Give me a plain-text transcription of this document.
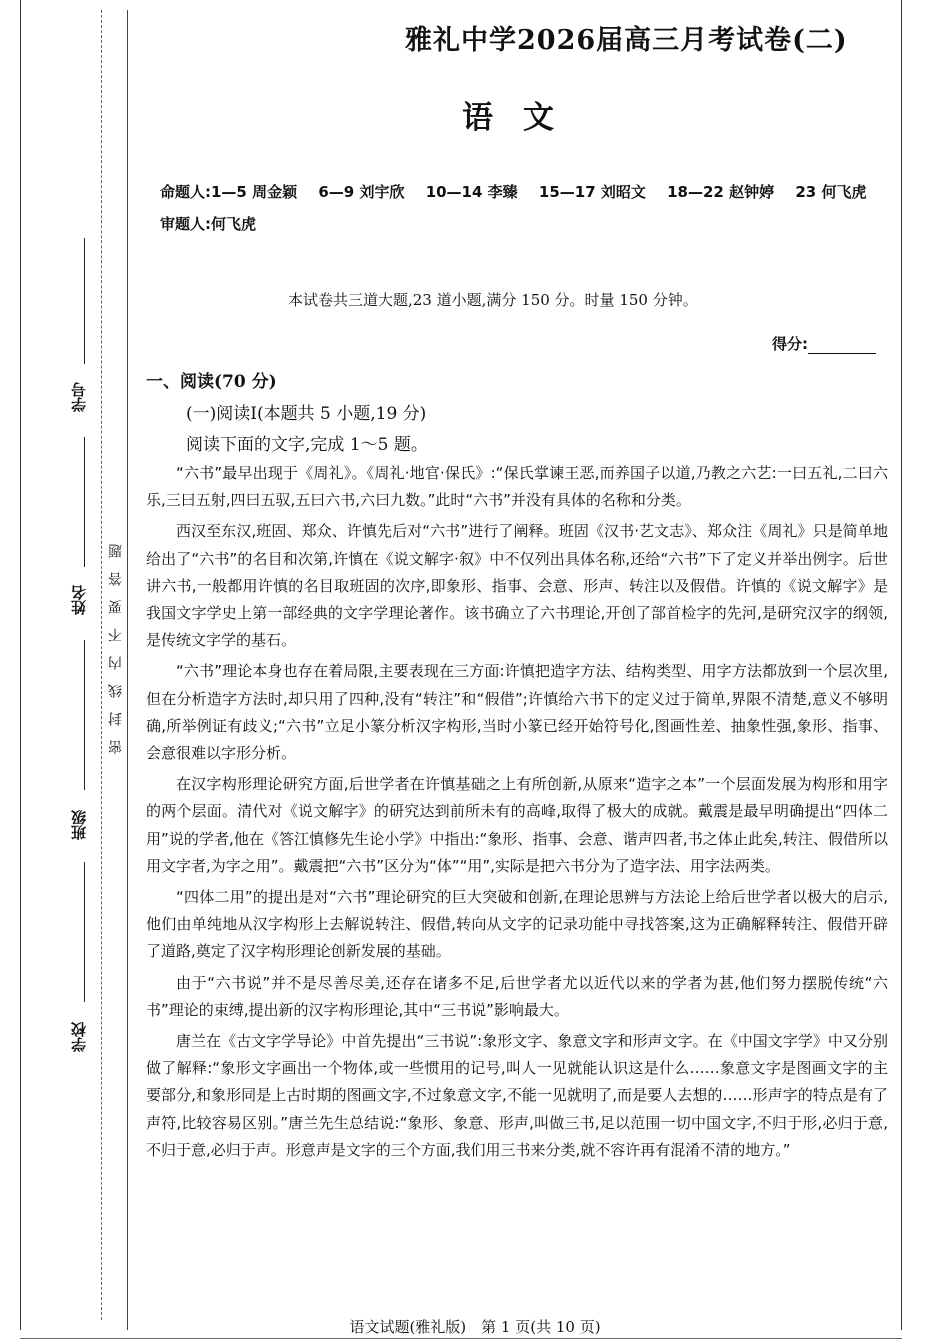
学号
姓名
班级
学校
密封线内不要答题
雅礼中学2026届高三月考试卷(二)
语文
命题人:1—5 周金颖 6—9 刘宇欣 10—14 李臻 15—17 刘昭文 18—22 赵钟婷 23 何飞虎
审题人:何飞虎
本试卷共三道大题,23 道小题,满分 150 分。时量 150 分钟。
得分:
一、阅读(70 分)
(一)阅读Ⅰ(本题共 5 小题,19 分)
阅读下面的文字,完成 1～5 题。

“六书”最早出现于《周礼》。《周礼·地官·保氏》:“保氏掌谏王恶,而养国子以道,乃教之六艺:一曰五礼,二曰六乐,三曰五射,四曰五驭,五曰六书,六曰九数。”此时“六书”并没有具体的名称和分类。

西汉至东汉,班固、郑众、许慎先后对“六书”进行了阐释。班固《汉书·艺文志》、郑众注《周礼》只是简单地给出了“六书”的名目和次第,许慎在《说文解字·叙》中不仅列出具体名称,还给“六书”下了定义并举出例字。后世讲六书,一般都用许慎的名目取班固的次序,即象形、指事、会意、形声、转注以及假借。许慎的《说文解字》是我国文字学史上第一部经典的文字学理论著作。该书确立了六书理论,开创了部首检字的先河,是研究汉字的纲领,是传统文字学的基石。

“六书”理论本身也存在着局限,主要表现在三方面:许慎把造字方法、结构类型、用字方法都放到一个层次里,但在分析造字方法时,却只用了四种,没有“转注”和“假借”;许慎给六书下的定义过于简单,界限不清楚,意义不够明确,所举例证有歧义;“六书”立足小篆分析汉字构形,当时小篆已经开始符号化,图画性差、抽象性强,象形、指事、会意很难以字形分析。

在汉字构形理论研究方面,后世学者在许慎基础之上有所创新,从原来“造字之本”一个层面发展为构形和用字的两个层面。清代对《说文解字》的研究达到前所未有的高峰,取得了极大的成就。戴震是最早明确提出“四体二用”说的学者,他在《答江慎修先生论小学》中指出:“象形、指事、会意、谐声四者,书之体止此矣,转注、假借所以用文字者,为字之用”。戴震把“六书”区分为“体”“用”,实际是把六书分为了造字法、用字法两类。

“四体二用”的提出是对“六书”理论研究的巨大突破和创新,在理论思辨与方法论上给后世学者以极大的启示,他们由单纯地从汉字构形上去解说转注、假借,转向从文字的记录功能中寻找答案,这为正确解释转注、假借开辟了道路,奠定了汉字构形理论创新发展的基础。

由于“六书说”并不是尽善尽美,还存在诸多不足,后世学者尤以近代以来的学者为甚,他们努力摆脱传统“六书”理论的束缚,提出新的汉字构形理论,其中“三书说”影响最大。

唐兰在《古文字学导论》中首先提出“三书说”:象形文字、象意文字和形声文字。在《中国文字学》中又分别做了解释:“象形文字画出一个物体,或一些惯用的记号,叫人一见就能认识这是什么……象意文字是图画文字的主要部分,和象形同是上古时期的图画文字,不过象意文字,不能一见就明了,而是要人去想的……形声字的特点是有了声符,比较容易区别。”唐兰先生总结说:“象形、象意、形声,叫做三书,足以范围一切中国文字,不归于形,必归于意,不归于意,必归于声。形意声是文字的三个方面,我们用三书来分类,就不容许再有混淆不清的地方。”

语文试题(雅礼版)　第 1 页(共 10 页)
